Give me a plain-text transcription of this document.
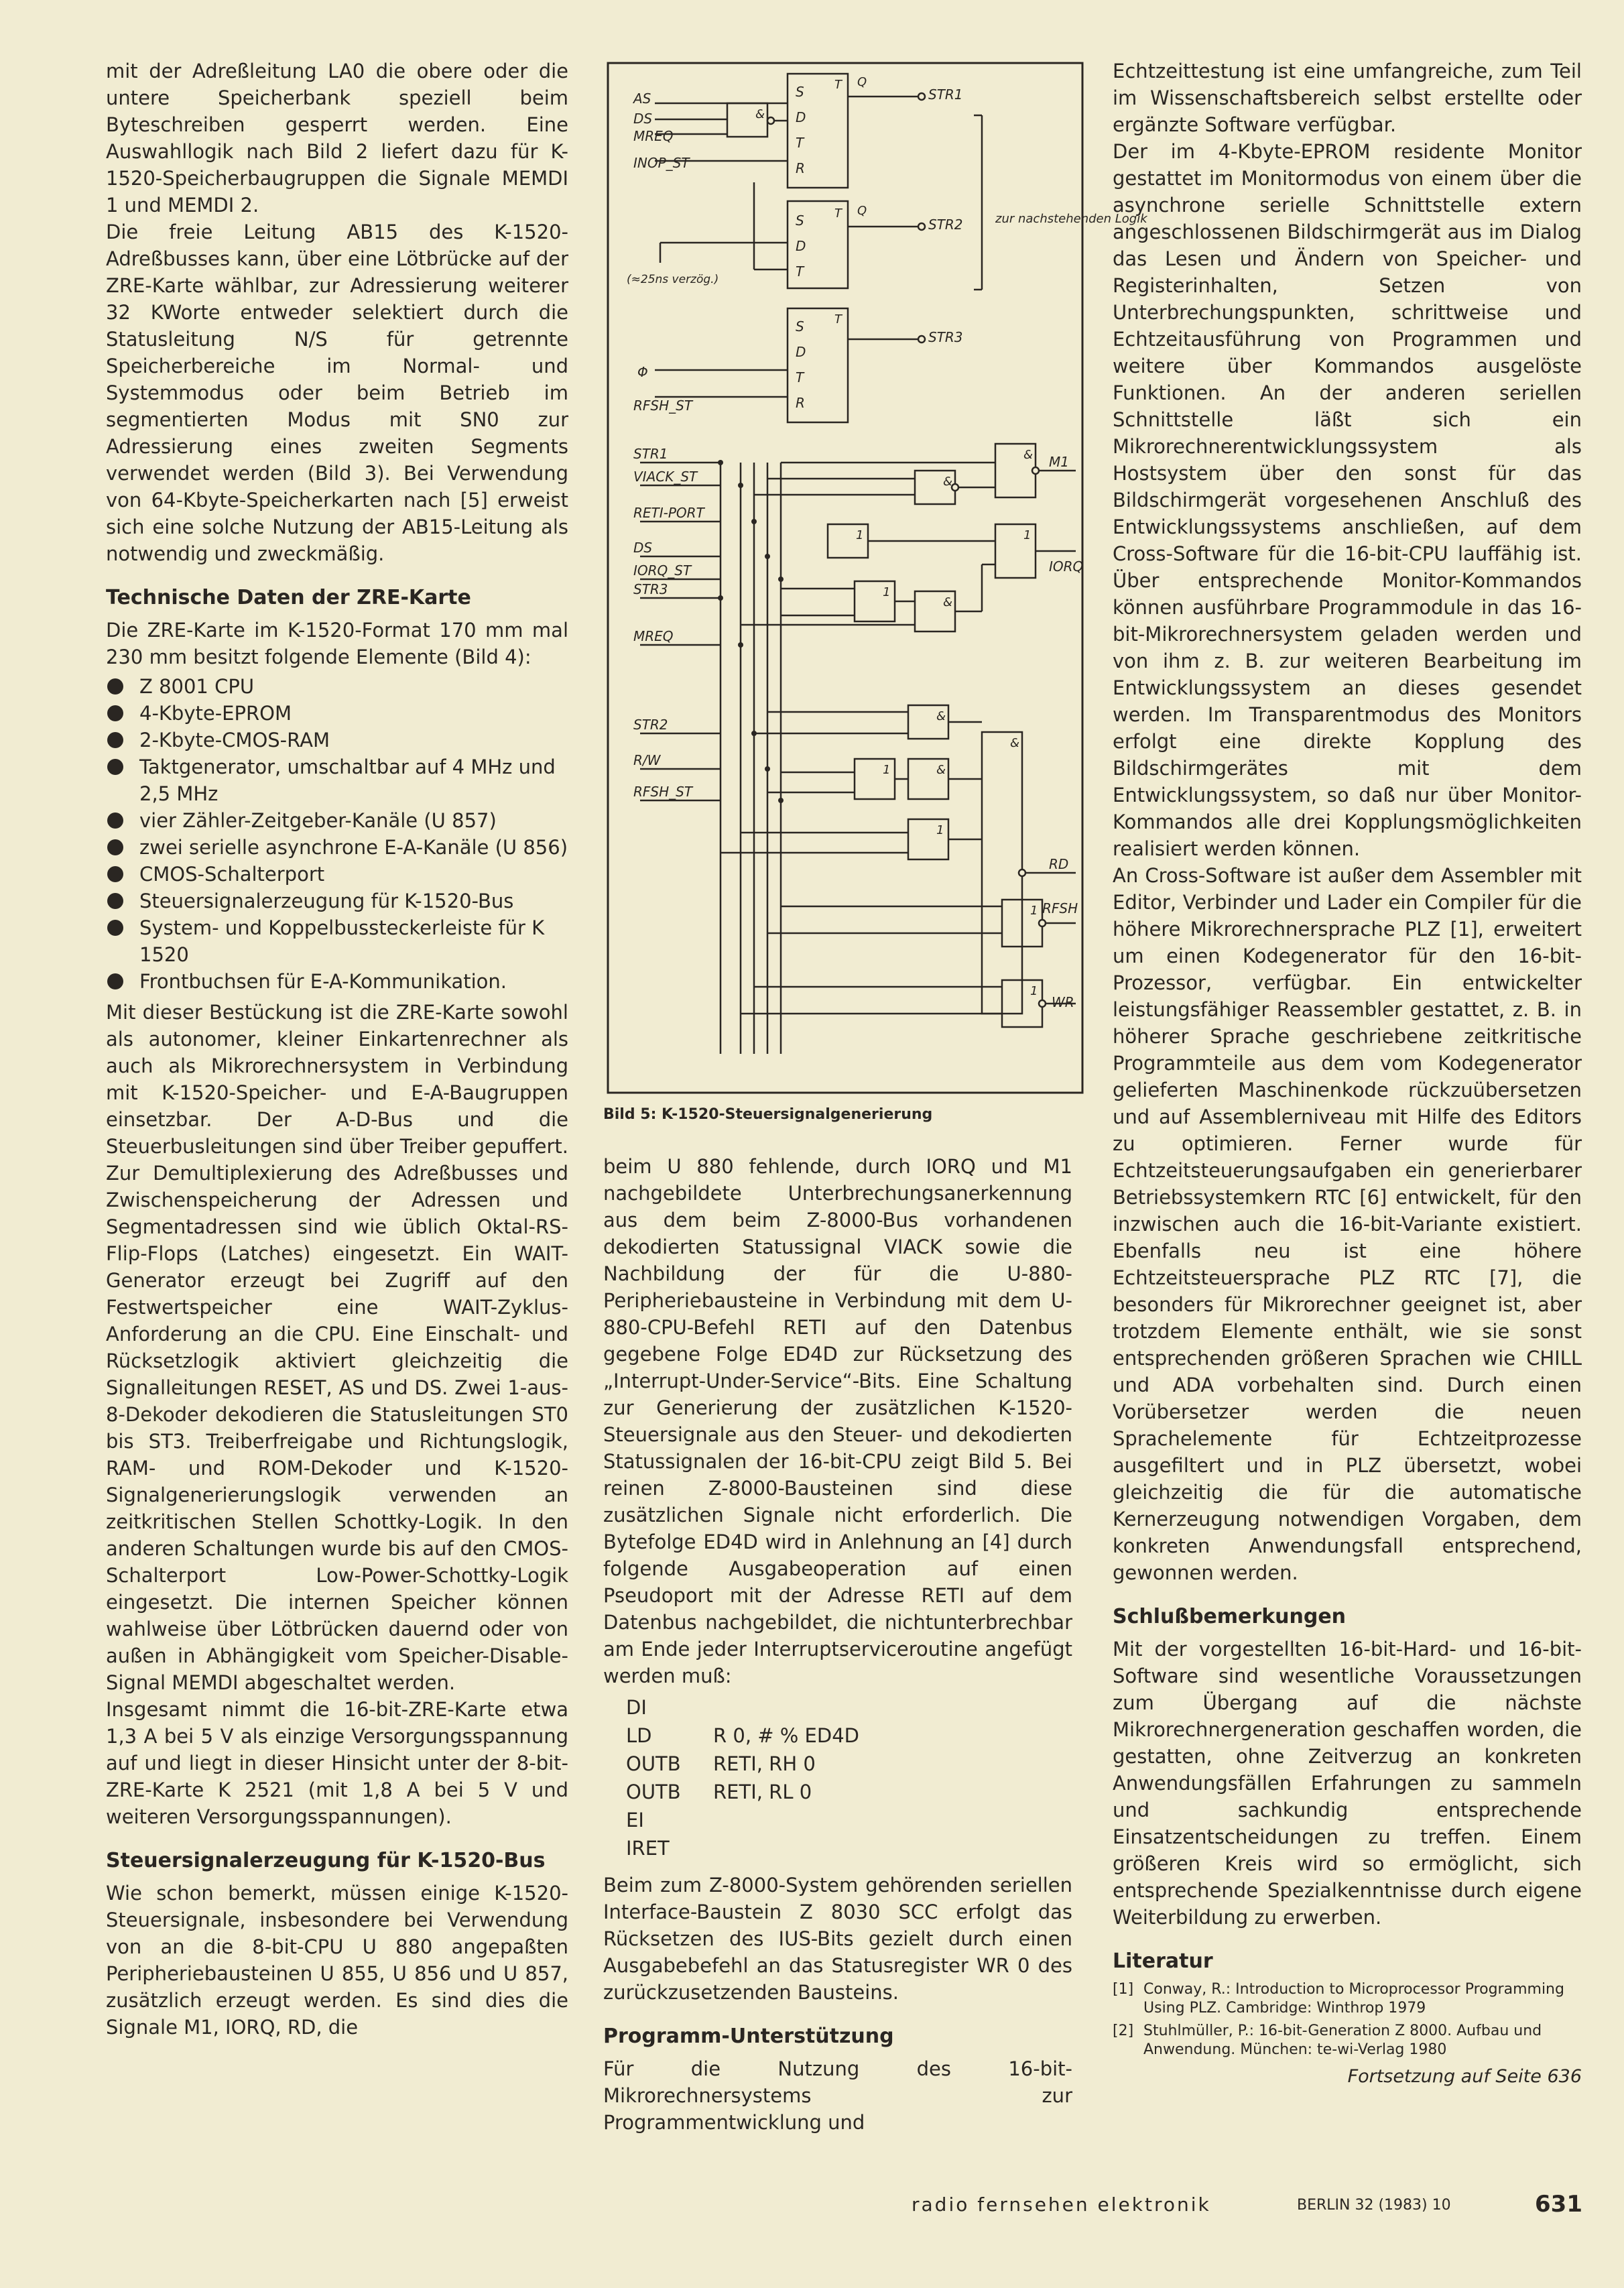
mit der Adreßleitung LA0 die obere oder die untere Speicherbank speziell beim Byteschreiben gesperrt werden. Eine Auswahllogik nach Bild 2 liefert dazu für K-1520-Speicherbaugruppen die Signale MEMDI 1 und MEMDI 2.

Die freie Leitung AB15 des K-1520-Adreßbusses kann, über eine Lötbrücke auf der ZRE-Karte wählbar, zur Adressierung weiterer 32 KWorte entweder selektiert durch die Statusleitung N/S für getrennte Speicherbereiche im Normal- und Systemmodus oder beim Betrieb im segmentierten Modus mit SN0 zur Adressierung eines zweiten Segments verwendet werden (Bild 3). Bei Verwendung von 64-Kbyte-Speicherkarten nach [5] erweist sich eine solche Nutzung der AB15-Leitung als notwendig und zweckmäßig.

Technische Daten der ZRE-Karte

Die ZRE-Karte im K-1520-Format 170 mm mal 230 mm besitzt folgende Elemente (Bild 4):

Z 8001 CPU
4-Kbyte-EPROM
2-Kbyte-CMOS-RAM
Taktgenerator, umschaltbar auf 4 MHz und 2,5 MHz
vier Zähler-Zeitgeber-Kanäle (U 857)
zwei serielle asynchrone E-A-Kanäle (U 856)
CMOS-Schalterport
Steuersignalerzeugung für K-1520-Bus
System- und Koppelbussteckerleiste für K 1520
Frontbuchsen für E-A-Kommunikation.

Mit dieser Bestückung ist die ZRE-Karte sowohl als autonomer, kleiner Einkartenrechner als auch als Mikrorechnersystem in Verbindung mit K-1520-Speicher- und E-A-Baugruppen einsetzbar. Der A-D-Bus und die Steuerbusleitungen sind über Treiber gepuffert. Zur Demultiplexierung des Adreßbusses und Zwischenspeicherung der Adressen und Segmentadressen sind wie üblich Oktal-RS-Flip-Flops (Latches) eingesetzt. Ein WAIT-Generator erzeugt bei Zugriff auf den Festwertspeicher eine WAIT-Zyklus-Anforderung an die CPU. Eine Einschalt- und Rücksetzlogik aktiviert gleichzeitig die Signalleitungen RESET, AS und DS. Zwei 1-aus-8-Dekoder dekodieren die Statusleitungen ST0 bis ST3. Treiberfreigabe und Richtungslogik, RAM- und ROM-Dekoder und K-1520-Signalgenerierungslogik verwenden an zeitkritischen Stellen Schottky-Logik. In den anderen Schaltungen wurde bis auf den CMOS-Schalterport Low-Power-Schottky-Logik eingesetzt. Die internen Speicher können wahlweise über Lötbrücken dauernd oder von außen in Abhängigkeit vom Speicher-Disable-Signal MEMDI abgeschaltet werden.

Insgesamt nimmt die 16-bit-ZRE-Karte etwa 1,3 A bei 5 V als einzige Versorgungsspannung auf und liegt in dieser Hinsicht unter der 8-bit-ZRE-Karte K 2521 (mit 1,8 A bei 5 V und weiteren Versorgungsspannungen).

Steuersignalerzeugung für K-1520-Bus

Wie schon bemerkt, müssen einige K-1520-Steuersignale, insbesondere bei Verwendung von an die 8-bit-CPU U 880 angepaßten Peripheriebausteinen U 855, U 856 und U 857, zusätzlich erzeugt werden. Es sind dies die Signale M1, IORQ, RD, die

S
D
T
R
T Q
&
AS
DS
MREQ
INOP_ST
STR1
S
D
T
T Q
STR2
(≈25ns verzög.)
zur nachstehenden Logik
S
D
T
R
T
STR3
Φ
RFSH_ST
STR1
VIACK_ST
RETI-PORT
DS
IORQ_ST
STR3
MREQ
STR2
R/W
RFSH_ST
& M1
&
1
IORQ
1
1
&
&
RD
&
1	&
1
1 RFSH
1
WR
Bild 5: K-1520-Steuersignalgenerierung

beim U 880 fehlende, durch IORQ und M1 nachgebildete Unterbrechungsanerkennung aus dem beim Z-8000-Bus vorhandenen dekodierten Statussignal VIACK sowie die Nachbildung der für die U-880-Peripheriebausteine in Verbindung mit dem U-880-CPU-Befehl RETI auf den Datenbus gegebene Folge ED4D zur Rücksetzung des „Interrupt-Under-Service“-Bits. Eine Schaltung zur Generierung der zusätzlichen K-1520-Steuersignale aus den Steuer- und dekodierten Statussignalen der 16-bit-CPU zeigt Bild 5. Bei reinen Z-8000-Bausteinen sind diese zusätzlichen Signale nicht erforderlich. Die Bytefolge ED4D wird in Anlehnung an [4] durch folgende Ausgabeoperation auf einen Pseudoport mit der Adresse RETI auf dem Datenbus nachgebildet, die nichtunterbrechbar am Ende jeder Interruptserviceroutine angefügt werden muß:

DI
LD	R 0, # % ED4D
OUTB	RETI, RH 0
OUTB	RETI, RL 0
EI
IRET

Beim zum Z-8000-System gehörenden seriellen Interface-Baustein Z 8030 SCC erfolgt das Rücksetzen des IUS-Bits gezielt durch einen Ausgabebefehl an das Statusregister WR 0 des zurückzusetzenden Bausteins.

Programm-Unterstützung

Für die Nutzung des 16-bit-Mikrorechnersystems zur Programmentwicklung und

Echtzeittestung ist eine umfangreiche, zum Teil im Wissenschaftsbereich selbst erstellte oder ergänzte Software verfügbar.

Der im 4-Kbyte-EPROM residente Monitor gestattet im Monitormodus von einem über die asynchrone serielle Schnittstelle extern angeschlossenen Bildschirmgerät aus im Dialog das Lesen und Ändern von Speicher- und Registerinhalten, Setzen von Unterbrechungspunkten, schrittweise und Echtzeitausführung von Programmen und weitere über Kommandos ausgelöste Funktionen. An der anderen seriellen Schnittstelle läßt sich ein Mikrorechnerentwicklungssystem als Hostsystem über den sonst für das Bildschirmgerät vorgesehenen Anschluß des Entwicklungssystems anschließen, auf dem Cross-Software für die 16-bit-CPU lauffähig ist. Über entsprechende Monitor-Kommandos können ausführbare Programmodule in das 16-bit-Mikrorechnersystem geladen werden und von ihm z. B. zur weiteren Bearbeitung im Entwicklungssystem an dieses gesendet werden. Im Transparentmodus des Monitors erfolgt eine direkte Kopplung des Bildschirmgerätes mit dem Entwicklungssystem, so daß nur über Monitor-Kommandos alle drei Kopplungsmöglichkeiten realisiert werden können.

An Cross-Software ist außer dem Assembler mit Editor, Verbinder und Lader ein Compiler für die höhere Mikrorechnersprache PLZ [1], erweitert um einen Kodegenerator für den 16-bit-Prozessor, verfügbar. Ein entwickelter leistungsfähiger Reassembler gestattet, z. B. in höherer Sprache geschriebene zeitkritische Programmteile aus dem vom Kodegenerator gelieferten Maschinenkode rückzuübersetzen und auf Assemblerniveau mit Hilfe des Editors zu optimieren. Ferner wurde für Echtzeitsteuerungsaufgaben ein generierbarer Betriebssystemkern RTC [6] entwickelt, für den inzwischen auch die 16-bit-Variante existiert. Ebenfalls neu ist eine höhere Echtzeitsteuersprache PLZ RTC [7], die besonders für Mikrorechner geeignet ist, aber trotzdem Elemente enthält, wie sie sonst entsprechenden größeren Sprachen wie CHILL und ADA vorbehalten sind. Durch einen Vorübersetzer werden die neuen Sprachelemente für Echtzeitprozesse ausgefiltert und in PLZ übersetzt, wobei gleichzeitig die für die automatische Kernerzeugung notwendigen Vorgaben, dem konkreten Anwendungsfall entsprechend, gewonnen werden.

Schlußbemerkungen

Mit der vorgestellten 16-bit-Hard- und 16-bit-Software sind wesentliche Voraussetzungen zum Übergang auf die nächste Mikrorechnergeneration geschaffen worden, die gestatten, ohne Zeitverzug an konkreten Anwendungsfällen Erfahrungen zu sammeln und sachkundig entsprechende Einsatzentscheidungen zu treffen. Einem größeren Kreis wird so ermöglicht, sich entsprechende Spezialkenntnisse durch eigene Weiterbildung zu erwerben.

Literatur
[1] Conway, R.: Introduction to Microprocessor Programming Using PLZ. Cambridge: Winthrop 1979
[2] Stuhlmüller, P.: 16-bit-Generation Z 8000. Aufbau und Anwendung. München: te-wi-Verlag 1980
Fortsetzung auf Seite 636
radio fernsehen elektronik	BERLIN 32 (1983) 10	631
